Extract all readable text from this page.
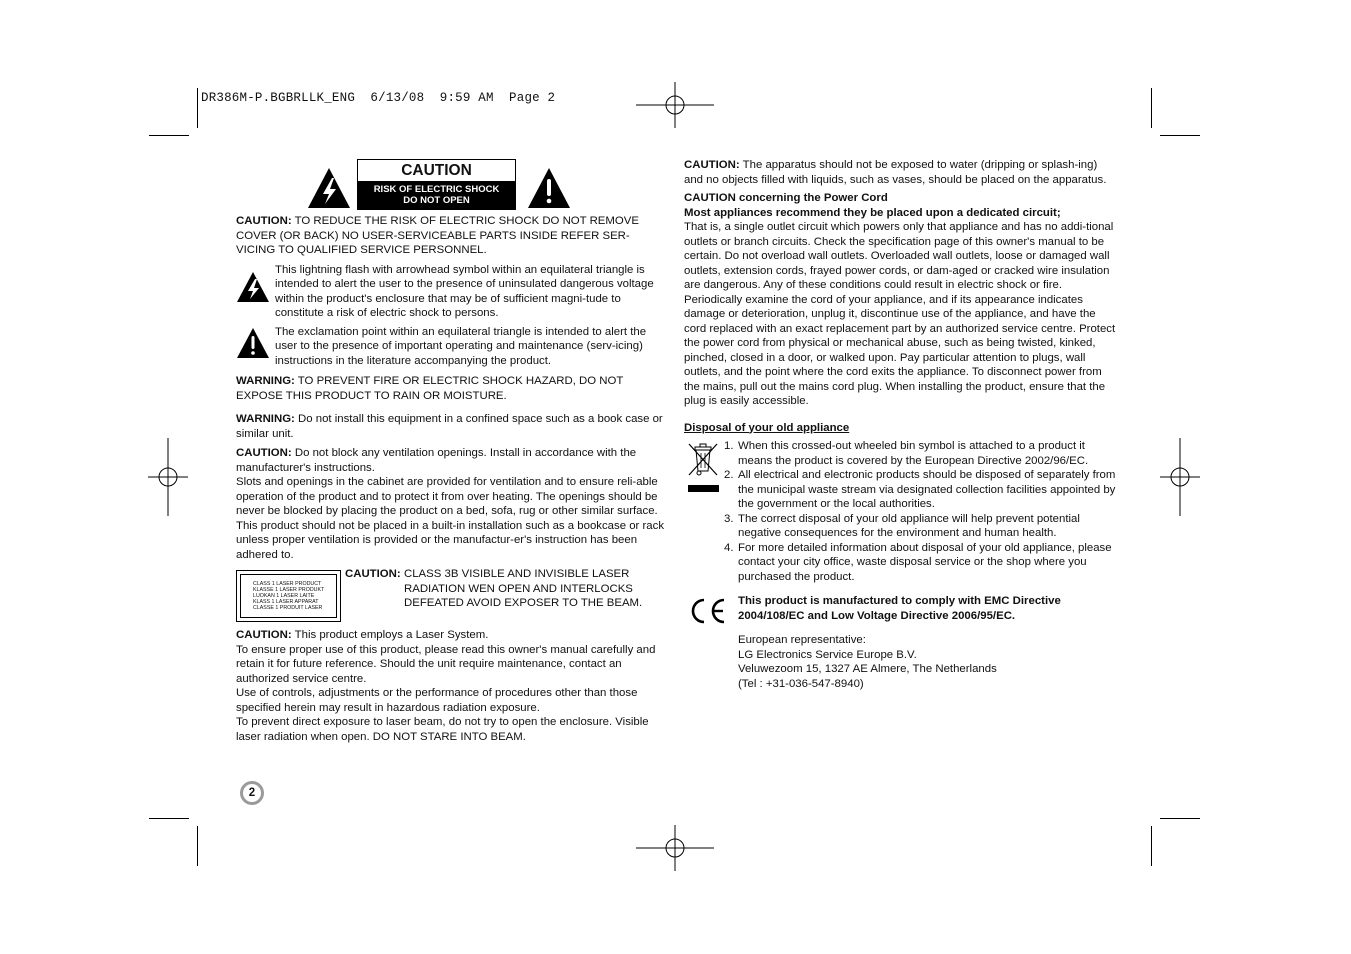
DR386M-P.BGBRLLK_ENG  6/13/08  9:59 AM  Page 2
CAUTION
RISK OF ELECTRIC SHOCK
DO NOT OPEN

CAUTION: TO REDUCE THE RISK OF ELECTRIC SHOCK DO NOT REMOVE COVER (OR BACK) NO USER-SERVICEABLE PARTS INSIDE REFER SER-VICING TO QUALIFIED SERVICE PERSONNEL.

This lightning flash with arrowhead symbol within an equilateral triangle is intended to alert the user to the presence of uninsulated dangerous voltage within the product's enclosure that may be of sufficient magni-tude to constitute a risk of electric shock to persons.
The exclamation point within an equilateral triangle is intended to alert the user to the presence of important operating and maintenance (serv-icing) instructions in the literature accompanying the product.

WARNING: TO PREVENT FIRE OR ELECTRIC SHOCK HAZARD, DO NOT EXPOSE THIS PRODUCT TO RAIN OR MOISTURE.

WARNING: Do not install this equipment in a confined space such as a book case or similar unit.

CAUTION: Do not block any ventilation openings. Install in accordance with the manufacturer's instructions.

Slots and openings in the cabinet are provided for ventilation and to ensure reli-able operation of the product and to protect it from over heating. The openings should be never be blocked by placing the product on a bed, sofa, rug or other similar surface. This product should not be placed in a built-in installation such as a bookcase or rack unless proper ventilation is provided or the manufactur-er's instruction has been adhered to.

CLASS 1 LASER PRODUCT
KLASSE 1 LASER PRODUKT
LUOKAN 1 LASER LAITE
KLASS 1 LASER APPARAT
CLASSE 1 PRODUIT LASER
CAUTION: CLASS 3B VISIBLE AND INVISIBLE LASER
RADIATION WEN OPEN AND INTERLOCKS
DEFEATED AVOID EXPOSER TO THE BEAM.

CAUTION: This product employs a Laser System.

To ensure proper use of this product, please read this owner's manual carefully and retain it for future reference. Should the unit require maintenance, contact an authorized service centre.

Use of controls, adjustments or the performance of procedures other than those specified herein may result in hazardous radiation exposure.

To prevent direct exposure to laser beam, do not try to open the enclosure. Visible laser radiation when open. DO NOT STARE INTO BEAM.

2

CAUTION: The apparatus should not be exposed to water (dripping or splash-ing) and no objects filled with liquids, such as vases, should be placed on the apparatus.

CAUTION concerning the Power Cord

Most appliances recommend they be placed upon a dedicated circuit;

That is, a single outlet circuit which powers only that appliance and has no addi-tional outlets or branch circuits. Check the specification page of this owner's manual to be certain. Do not overload wall outlets. Overloaded wall outlets, loose or damaged wall outlets, extension cords, frayed power cords, or dam-aged or cracked wire insulation are dangerous. Any of these conditions could result in electric shock or fire. Periodically examine the cord of your appliance, and if its appearance indicates damage or deterioration, unplug it, discontinue use of the appliance, and have the cord replaced with an exact replacement part by an authorized service centre. Protect the power cord from physical or mechanical abuse, such as being twisted, kinked, pinched, closed in a door, or walked upon. Pay particular attention to plugs, wall outlets, and the point where the cord exits the appliance. To disconnect power from the mains, pull out the mains cord plug. When installing the product, ensure that the plug is easily accessible.

Disposal of your old appliance

1. When this crossed-out wheeled bin symbol is attached to a product it means the product is covered by the European Directive 2002/96/EC.
2. All electrical and electronic products should be disposed of separately from the municipal waste stream via designated collection facilities appointed by the government or the local authorities.
3. The correct disposal of your old appliance will help prevent potential negative consequences for the environment and human health.
4. For more detailed information about disposal of your old appliance, please contact your city office, waste disposal service or the shop where you purchased the product.

This product is manufactured to comply with EMC Directive 2004/108/EC and Low Voltage Directive 2006/95/EC.

European representative:
LG Electronics Service Europe B.V.
Veluwezoom 15, 1327 AE Almere, The Netherlands
(Tel : +31-036-547-8940)
